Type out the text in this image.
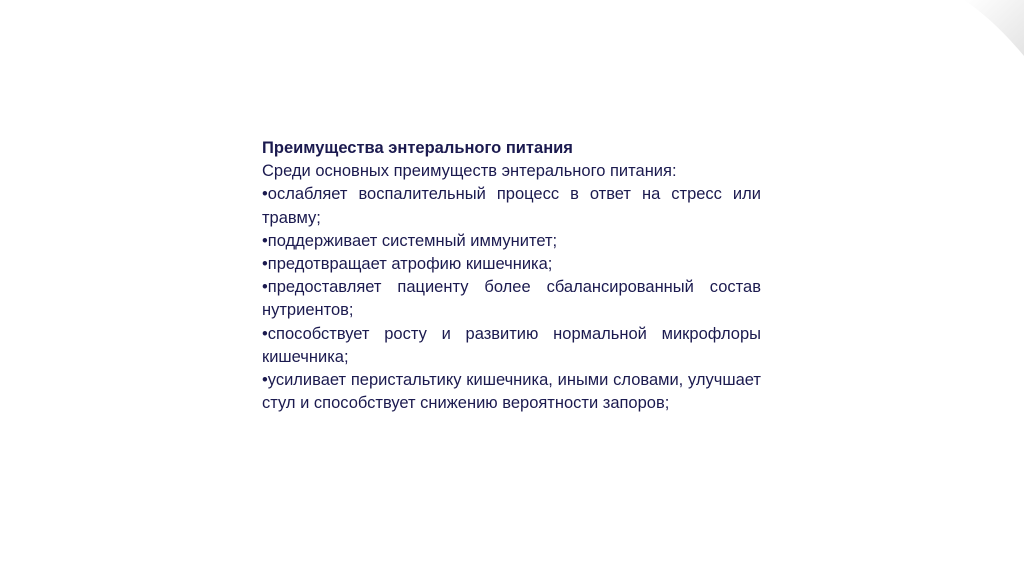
Преимущества энтерального питания

Среди основных преимуществ энтерального питания:

•ослабляет воспалительный процесс в ответ на стресс или травму;

•поддерживает системный иммунитет;

•предотвращает атрофию кишечника;

•предоставляет пациенту более сбалансированный состав нутриентов;

•способствует росту и развитию нормальной микрофлоры кишечника;

•усиливает перистальтику кишечника, иными словами, улучшает стул и способствует снижению вероятности запоров;
